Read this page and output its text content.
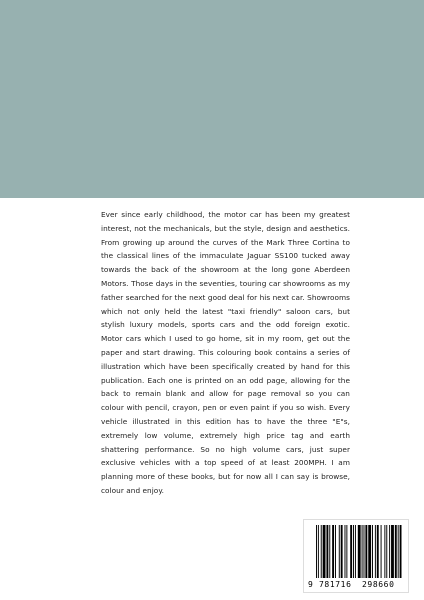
Ever since early childhood, the motor car has been my greatest interest, not the mechanicals, but the style, design and aesthetics. From growing up around the curves of the Mark Three Cortina to the classical lines of the immaculate Jaguar SS100 tucked away towards the back of the showroom at the long gone Aberdeen Motors. Those days in the seventies, touring car showrooms as my father searched for the next good deal for his next car. Showrooms which not only held the latest "taxi friendly" saloon cars, but stylish luxury models, sports cars and the odd foreign exotic. Motor cars which I used to go home, sit in my room, get out the paper and start drawing. This colouring book contains a series of illustration which have been specifically created by hand for this publication. Each one is printed on an odd page, allowing for the back to remain blank and allow for page removal so you can colour with pencil, crayon, pen or even paint if you so wish. Every vehicle illustrated in this edition has to have the three "E"s, extremely low volume, extremely high price tag and earth shattering performance. So no high volume cars, just super exclusive vehicles with a top speed of at least 200MPH. I am planning more of these books, but for now all I can say is browse, colour and enjoy.
9 781716 298660
